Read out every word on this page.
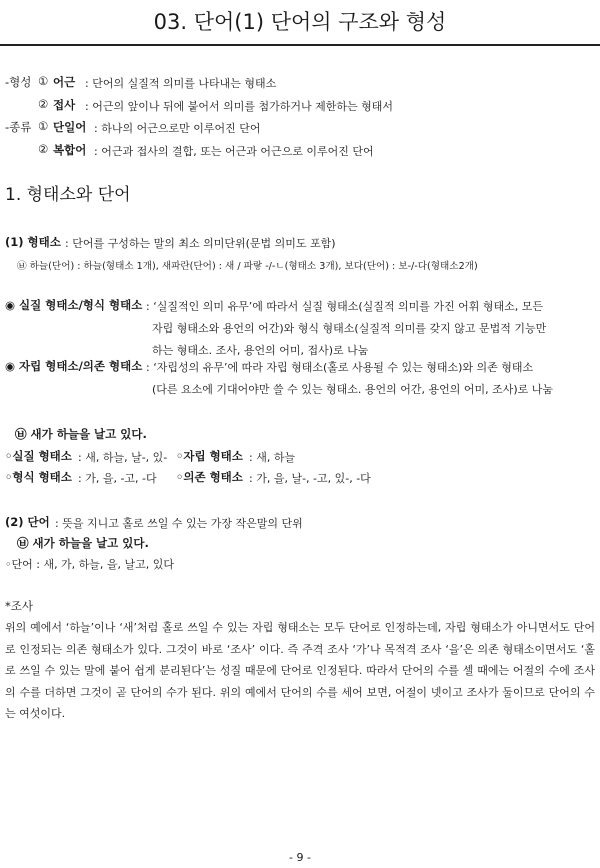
03. 단어(1) 단어의 구조와 형성
-형성 ① 어근 : 단어의 실질적 의미를 나타내는 형태소
② 접사 : 어근의 앞이나 뒤에 붙어서 의미를 첨가하거나 제한하는 형태서
-종류 ① 단일어 : 하나의 어근으로만 이루어진 단어
② 복합어 : 어근과 접사의 결합, 또는 어근과 어근으로 이루어진 단어
1. 형태소와 단어
(1) 형태소 : 단어를 구성하는 말의 최소 의미단위(문법 의미도 포함)
㉥ 하늘(단어) : 하늘(형태소 1개), 새파란(단어) : 새 / 파랗 -/-ㄴ(형태소 3개), 보다(단어) : 보-/-다(형태소2개)
◉ 실질 형태소/형식 형태소 : ‘실질적인 의미 유무’에 따라서 실질 형태소(실질적 의미를 가진 어휘 형태소, 모든
자립 형태소와 용언의 어간)와 형식 형태소(실질적 의미를 갖지 않고 문법적 기능만
하는 형태소. 조사, 용언의 어미, 접사)로 나눔
◉ 자립 형태소/의존 형태소 : ‘자립성의 유무’에 따라 자립 형태소(홀로 사용될 수 있는 형태소)와 의존 형태소
(다른 요소에 기대어야만 쓸 수 있는 형태소. 용언의 어간, 용언의 어미, 조사)로 나눔
㉥ 새가 하늘을 날고 있다.
◦실질 형태소 : 새, 하늘, 날-, 있- ◦자립 형태소 : 새, 하늘
◦형식 형태소 : 가, 을, -고, -다 ◦의존 형태소 : 가, 을, 날-, -고, 있-, -다
(2) 단어 : 뜻을 지니고 홀로 쓰일 수 있는 가장 작은말의 단위
㉥ 새가 하늘을 날고 있다.
◦단어 : 새, 가, 하늘, 을, 날고, 있다
*조사
위의 예에서 ‘하늘’이나 ‘새’처럼 홀로 쓰일 수 있는 자립 형태소는 모두 단어로 인정하는데, 자립 형태소가 아니면서도 단어로 인정되는 의존 형태소가 있다. 그것이 바로 ‘조사’ 이다. 즉 주격 조사 ‘가’나 목적격 조사 ‘을’은 의존 형태소이면서도 ‘홀로 쓰일 수 있는 말에 붙어 쉽게 분리된다’는 성질 때문에 단어로 인정된다. 따라서 단어의 수를 셀 때에는 어절의 수에 조사의 수를 더하면 그것이 곧 단어의 수가 된다. 위의 예에서 단어의 수를 세어 보면, 어절이 넷이고 조사가 둘이므로 단어의 수는 여섯이다.
- 9 -
